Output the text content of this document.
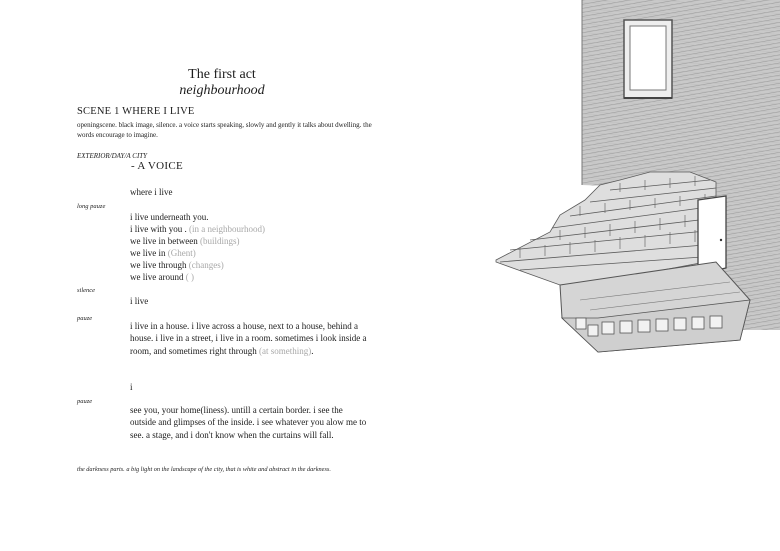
The first act
neighbourhood
SCENE 1 WHERE I LIVE
openingscene. black image, silence. a voice starts speaking, slowly and gently it talks about dwelling. the words encourage to imagine.
EXTERIOR/DAY/A CITY
- A VOICE
where i live
long pauze
i live underneath you.
i live with you . (in a neighbourhood)
we live in between (buildings)
we live in (Ghent)
we live through (changes)
we live around ( )
silence
i live
pauze
i live in a house. i live across a house, next to a house, behind a house. i live in a street, i live in a room. sometimes i look inside a room, and sometimes right through (at something).
i
pauze
see you, your home(liness). untill a certain border. i see the outside and glimpses of the inside. i see whatever you alow me to see. a stage, and i don't know when the curtains will fall.
the darkness parts. a big light on the landscape of the city, that is white and abstract in the darkness.
